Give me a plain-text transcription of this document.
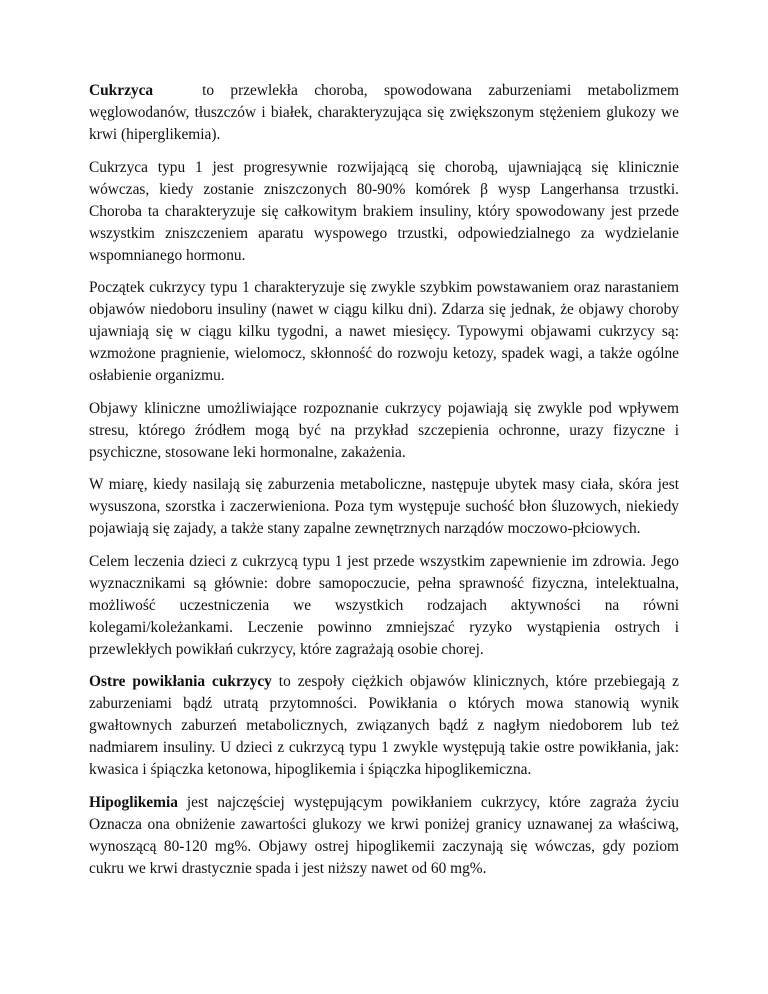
Cukrzyca   to przewlekła choroba, spowodowana zaburzeniami metabolizmem węglowodanów, tłuszczów i białek, charakteryzująca się zwiększonym stężeniem glukozy we krwi (hiperglikemia).

Cukrzyca typu 1 jest progresywnie rozwijającą się chorobą, ujawniającą się klinicznie wówczas, kiedy zostanie zniszczonych 80-90% komórek β wysp Langerhansa trzustki. Choroba ta charakteryzuje się całkowitym brakiem insuliny, który spowodowany jest przede wszystkim zniszczeniem aparatu wyspowego trzustki, odpowiedzialnego za wydzielanie wspomnianego hormonu.

Początek cukrzycy typu 1 charakteryzuje się zwykle szybkim powstawaniem oraz narastaniem objawów niedoboru insuliny (nawet w ciągu kilku dni). Zdarza się jednak, że objawy choroby ujawniają się w ciągu kilku tygodni, a nawet miesięcy. Typowymi objawami cukrzycy są: wzmożone pragnienie, wielomocz, skłonność do rozwoju ketozy, spadek wagi, a także ogólne osłabienie organizmu.

Objawy kliniczne umożliwiające rozpoznanie cukrzycy pojawiają się zwykle pod wpływem stresu, którego źródłem mogą być na przykład szczepienia ochronne, urazy fizyczne i psychiczne, stosowane leki hormonalne, zakażenia.

W miarę, kiedy nasilają się zaburzenia metaboliczne, następuje ubytek masy ciała, skóra jest wysuszona, szorstka i zaczerwieniona. Poza tym występuje suchość błon śluzowych, niekiedy pojawiają się zajady, a także stany zapalne zewnętrznych narządów moczowo-płciowych.

Celem leczenia dzieci z cukrzycą typu 1 jest przede wszystkim zapewnienie im zdrowia. Jego wyznacznikami są głównie: dobre samopoczucie, pełna sprawność fizyczna, intelektualna, możliwość uczestniczenia we wszystkich rodzajach aktywności na równi kolegami/koleżankami. Leczenie powinno zmniejszać ryzyko wystąpienia ostrych i przewlekłych powikłań cukrzycy, które zagrażają osobie chorej.

Ostre powikłania cukrzycy to zespoły ciężkich objawów klinicznych, które przebiegają z zaburzeniami bądź utratą przytomności. Powikłania o których mowa stanowią wynik gwałtownych zaburzeń metabolicznych, związanych bądź z nagłym niedoborem lub też nadmiarem insuliny. U dzieci z cukrzycą typu 1 zwykle występują takie ostre powikłania, jak: kwasica i śpiączka ketonowa, hipoglikemia i śpiączka hipoglikemiczna.

Hipoglikemia jest najczęściej występującym powikłaniem cukrzycy, które zagraża życiu Oznacza ona obniżenie zawartości glukozy we krwi poniżej granicy uznawanej za właściwą, wynoszącą 80-120 mg%. Objawy ostrej hipoglikemii zaczynają się wówczas, gdy poziom cukru we krwi drastycznie spada i jest niższy nawet od 60 mg%.
